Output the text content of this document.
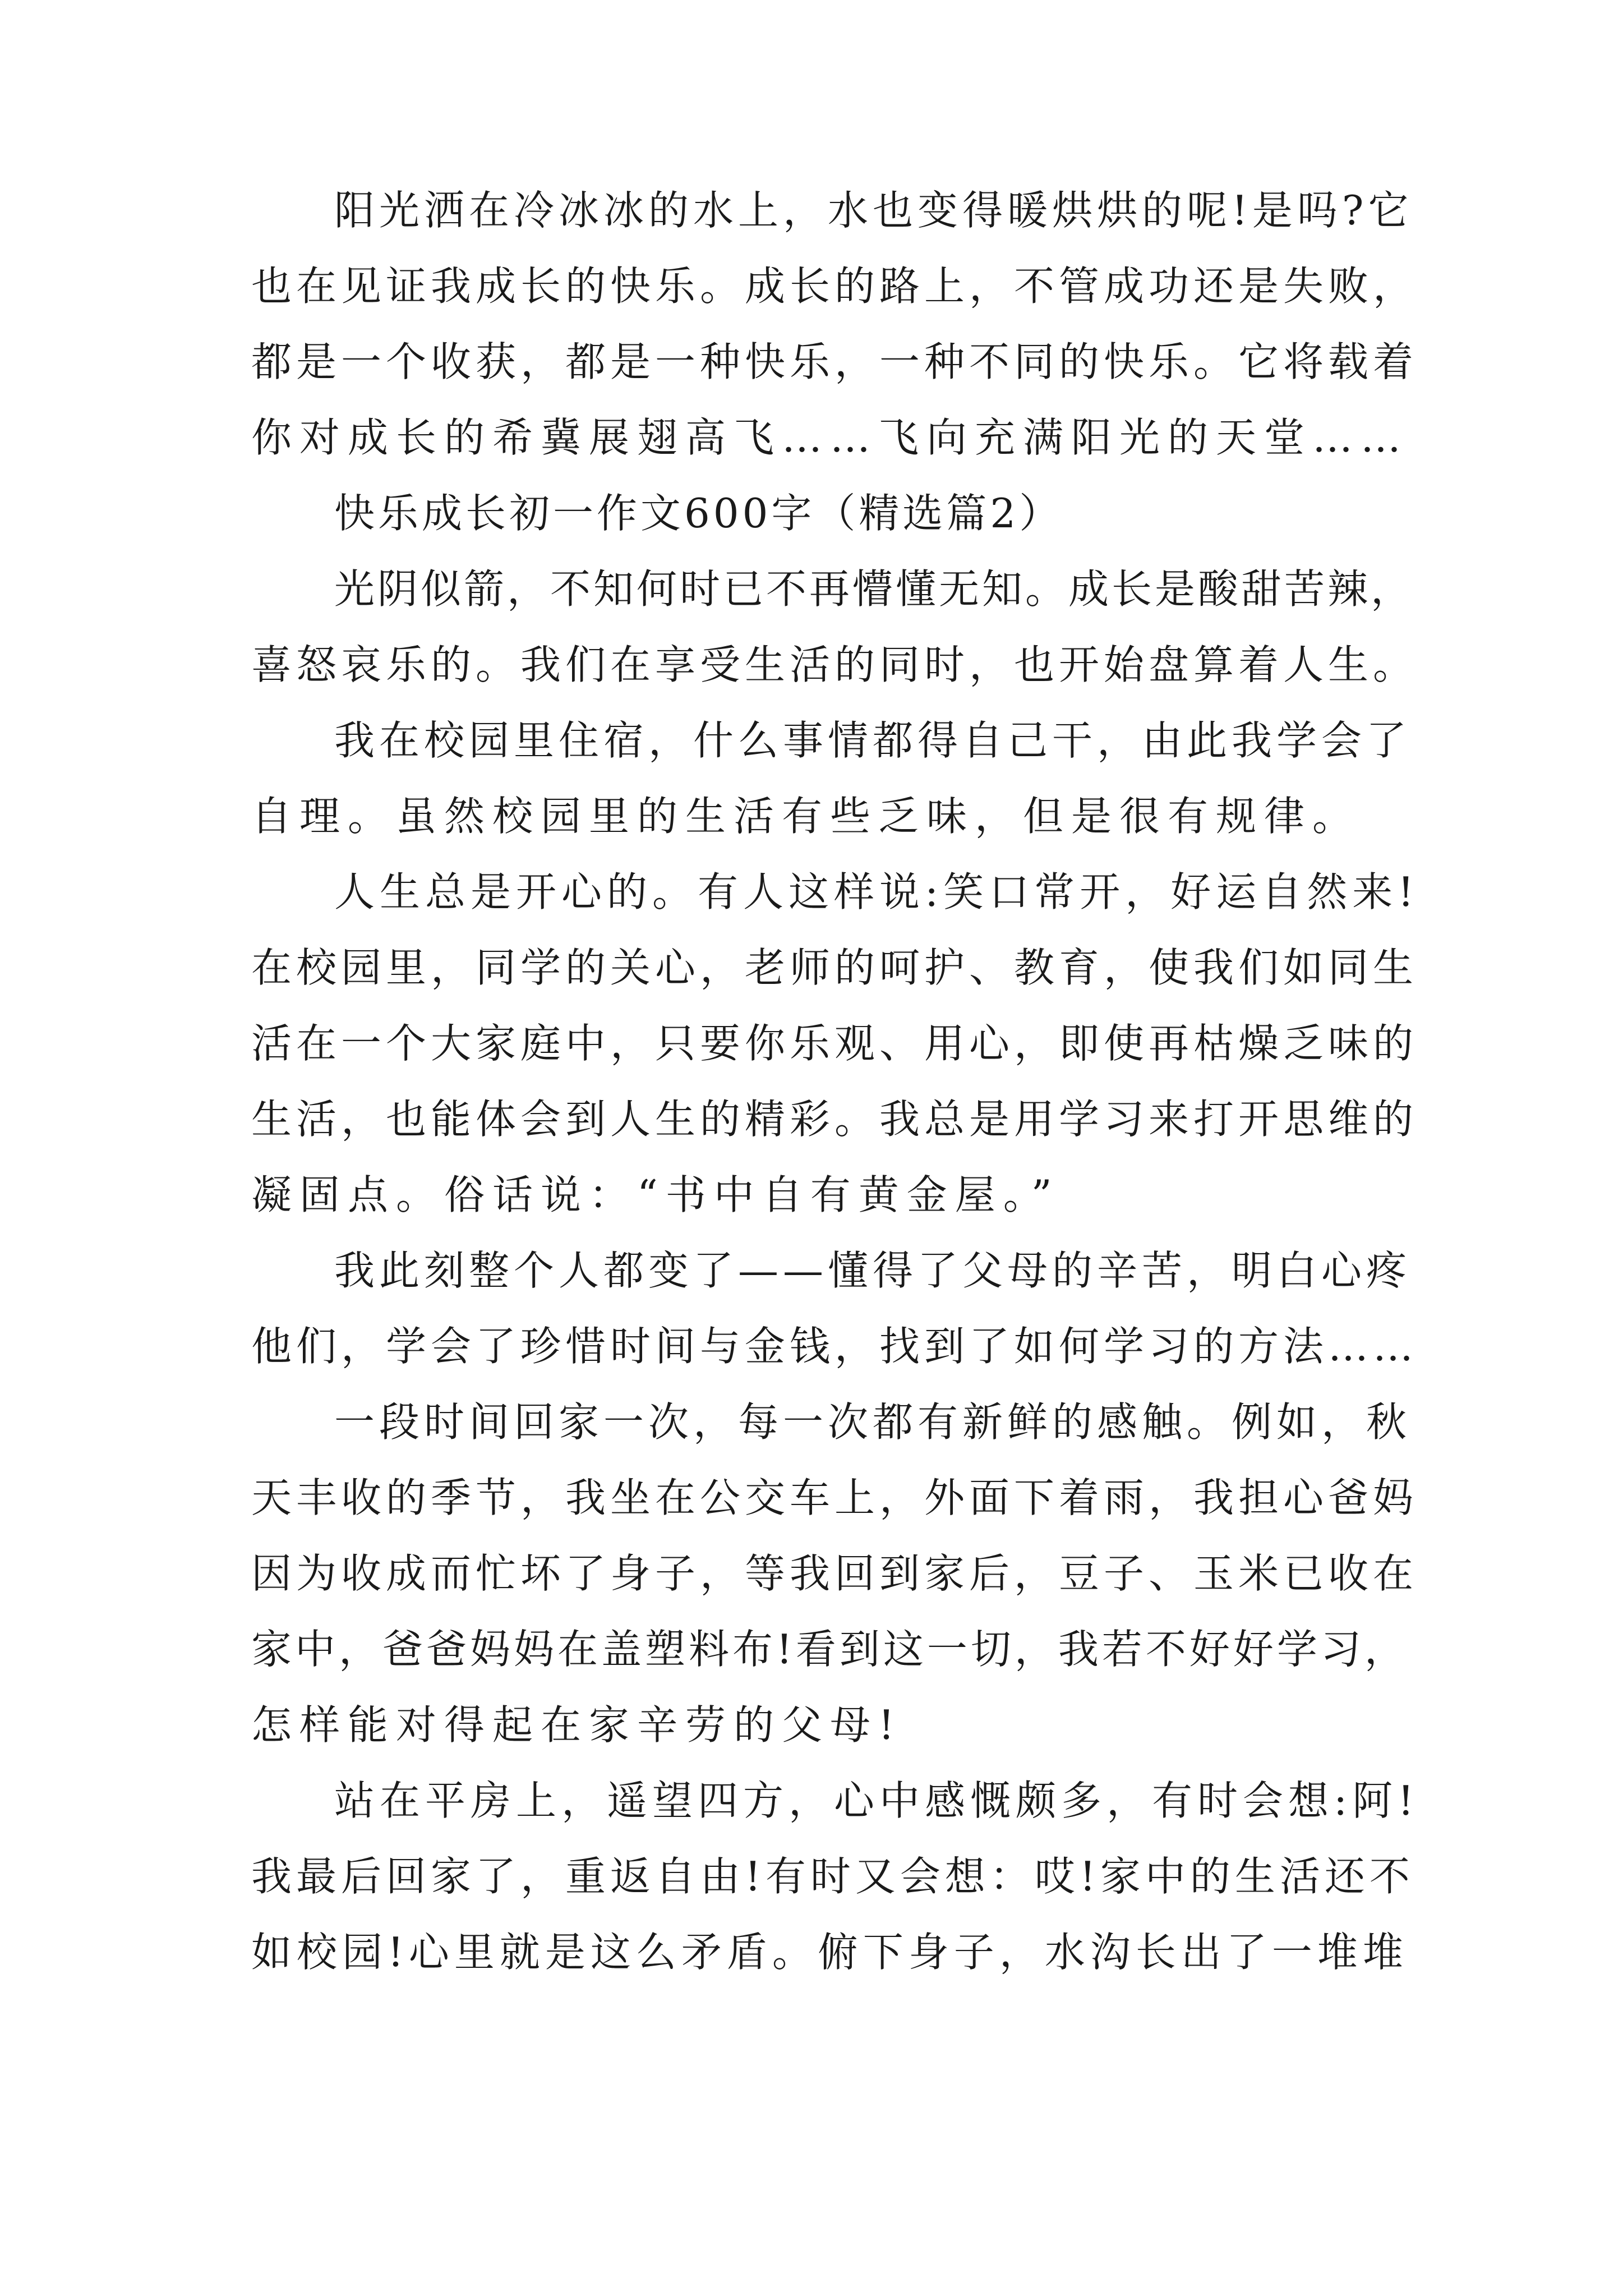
阳光洒在冷冰冰的水上，水也变得暖烘烘的呢!是吗?它
也在见证我成长的快乐。成长的路上，不管成功还是失败，
都是一个收获，都是一种快乐，一种不同的快乐。它将载着
你对成长的希冀展翅高飞……飞向充满阳光的天堂……
快乐成长初一作文600字（精选篇2）
光阴似箭，不知何时已不再懵懂无知。成长是酸甜苦辣，
喜怒哀乐的。我们在享受生活的同时，也开始盘算着人生。
我在校园里住宿，什么事情都得自己干，由此我学会了
自理。虽然校园里的生活有些乏味，但是很有规律。
人生总是开心的。有人这样说:笑口常开，好运自然来!
在校园里，同学的关心，老师的呵护、教育，使我们如同生
活在一个大家庭中，只要你乐观、用心，即使再枯燥乏味的
生活，也能体会到人生的精彩。我总是用学习来打开思维的
凝固点。俗话说：“书中自有黄金屋。”
我此刻整个人都变了——懂得了父母的辛苦，明白心疼
他们，学会了珍惜时间与金钱，找到了如何学习的方法……
一段时间回家一次，每一次都有新鲜的感触。例如，秋
天丰收的季节，我坐在公交车上，外面下着雨，我担心爸妈
因为收成而忙坏了身子，等我回到家后，豆子、玉米已收在
家中，爸爸妈妈在盖塑料布!看到这一切，我若不好好学习，
怎样能对得起在家辛劳的父母!
站在平房上，遥望四方，心中感慨颇多，有时会想:阿!
我最后回家了，重返自由!有时又会想：哎!家中的生活还不
如校园!心里就是这么矛盾。俯下身子，水沟长出了一堆堆
